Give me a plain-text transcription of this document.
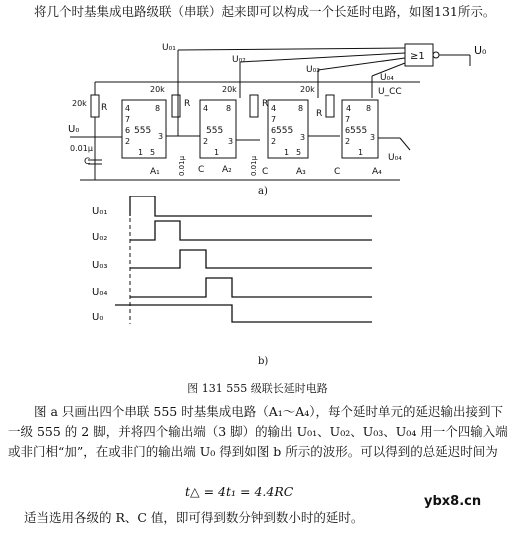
将几个时基集成电路级联（串联）起来即可以构成一个长延时电路，如图131所示。
≥1	U₀
U₀₁
U₀₂
U₀₃
U₀₄
U_CC
U₀
0.01μ
R
20k
C
555
4	8
7
6
2
3
1 5
A₁
20k
R
555
4 8
2 3
1
A₂
0.01μ C
20k
R
555
4	8
7
6
2	3
1 5
A₃
0.01μ C
20k
R
555
4 8
7
6
2 3
1
A₄
C
U₀₄
a)
U₀₁
U₀₂
U₀₃
U₀₄
U₀
b)
图 131 555 级联长延时电路
图 a 只画出四个串联 555 时基集成电路（A₁～A₄），每个延时单元的延迟输出接到下一级 555 的 2 脚，并将四个输出端（3 脚）的输出 U₀₁、U₀₂、U₀₃、U₀₄ 用一个四输入端或非门相“加”，在或非门的输出端 U₀ 得到如图 b 所示的波形。可以得到的总延迟时间为
t△ = 4t₁ = 4.4RC
ybx8.cn
适当选用各级的 R、C 值，即可得到数分钟到数小时的延时。
